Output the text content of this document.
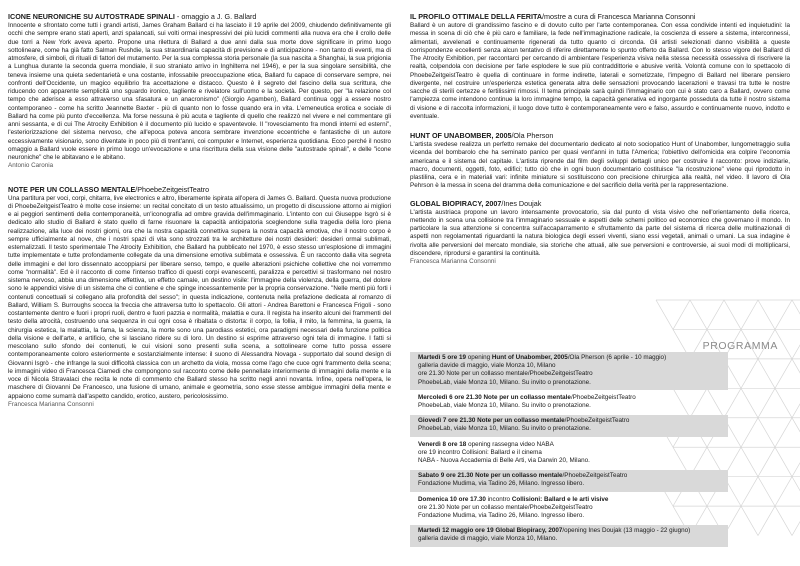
ICONE NEURONICHE SU AUTOSTRADE SPINALI - omaggio a J. G. Ballard

Innocente e sfrontato come tutti i grandi artisti, James Graham Ballard ci ha lasciato il 19 aprile del 2009, chiudendo definitivamente gli occhi che sempre erano stati aperti, anzi spalancati, sui volti ormai inespressivi dei più lucidi commenti alla nuova era che il crollo delle due torri a New York aveva aperto. Propone una rilettura di Ballard a due anni dalla sua morte dove significare in primo luogo sottolineare, come ha già fatto Salman Rushdie, la sua straordinaria capacità di previsione e di anticipazione - non tanto di eventi, ma di atmosfere, di simboli, di rituali di fattori del mutamento. Per la sua complessa storia personale (la sua nascita a Shanghai, la sua prigionia a Lunghua durante la seconda guerra mondiale, il suo straniato arrivo in Inghilterra nel 1946), e per la sua singolare sensibilità, che teneva insieme una quieta sedentarietà e una costante, infossabile preoccupazione etica, Ballard fu capace di conservare sempre, nei confronti dell'Occidente, un magico equilibrio fra accettazione e distacco. Questo è il segreto del fascino della sua scrittura, che riducendo con apparente semplicità uno sguardo ironico, tagliente e rivelatore sull'uomo e la società. Per questo, per "la relazione col tempo che aderisce a esso attraverso una sfasatura e un anacronismo" (Giorgio Agamben), Ballard continua oggi a essere nostro contemporaneo - come ha scritto Jeannette Baxter - più di quanto non lo fosse quando era in vita. L'emeneutica erotica e sociale di Ballard ha come più punto d'eccellenza. Ma forse nessuna è più acuta e tagliente di quello che realizzò nel vivere e nel commentare gli anni sessanta, e di cui The Atrocity Exhibition è il documento più lucido e spaventevole. Il "rovesciamento fra mondi interni ed esterni", l'esteriorizzazione del sistema nervoso, che all'epoca poteva ancora sembrare invenzione eccentriche e fantastiche di un autore eccessivamente visionario, sono diventate in poco più di trent'anni, coi computer e Internet, esperienza quotidiana. Ecco perché il nostro omaggio a Ballard vuole essere in primo luogo un'evocazione e una riscrittura della sua visione delle "autostrade spinali", e delle "icone neuroniche" che le abitavano e le abitano.

Antonio Caronia

NOTE PER UN COLLASSO MENTALE/PhoebeZeitgeistTeatro

Una partitura per voci, corpi, chitarra, live electronics e altro, liberamente ispirata all'opera di James G. Ballard. Questa nuova produzione di PhoebeZeitgeistTeatro è molte cose insieme: un recital concitato di un testo attualissimo, un progetto di discussione attorno ai migliori e ai peggiori sentimenti della contemporaneità, un'iconografia ad ombre gravida dell'immaginario. L'intento con cui Giuseppe Isgrò si è dedicato allo studio di Ballard è stato quello di farne risuonare la capacità anticipatoria sceglendone sulla tragedia della loro piena realizzazione, alla luce dei nostri giorni, ora che la nostra capacità connettiva supera la nostra capacità emotiva, che il nostro corpo è sempre ufficialmente al nove, che i nostri spazi di vita sono strozzati tra le architetture dei nostri desideri: desideri ormai sublimati, esternalizzati. Il testo sperimentale The Atrocity Exhibition, che Ballard ha pubblicato nel 1970, è esso stesso un'esplosione di immagini tutte implementate e tutte profondamente collegate da una dimensione emotiva sublimata e ossessiva. È un racconto dalla vita segreta delle immagini e del loro dissennato accoppiarsi per liberare senso, tempo, e quelle alterazioni psichiche collettive che noi vorremmo come "normalità". Ed è il racconto di come l'intenso traffico di questi corpi evanescenti, paralizza e percettivi si trasformano nel nostro sistema nervoso, abbia una dimensione effettiva, un effetto carnale, un destino visile: l'immagine della violenza, della guerra, del dolore sono le appendici visive di un sistema che ci contiene e che spinge incessantemente per la propria conservazione. "Nelle menti più forti i contenuti concettuali si collegano alla profondità del sesso"; in questa indicazione, contenuta nella prefazione dedicata al romanzo di Ballard, William S. Burroughs scocca la freccia che attraversa tutto lo spettacolo. Gli attori - Andrea Barettoni e Francesca Frigoli - sono costantemente dentro e fuori i propri ruoli, dentro e fuori pazzia e normalità, malattia e cura. Il regista ha inserito alcuni dei frammenti del testo della atrocità, costruendo una sequenza in cui ogni cosa è ribaltata o distorta: il corpo, la follia, il mito, la femmina, la guerra, la chirurgia estetica, la malattia, la fama, la scienza, la morte sono una parodiass estetici, ora paradigmi necessari della funzione politica della visione e dell'arte, e artificio, che si lasciano ridere su di loro. Un destino si esprime attraverso ogni tela di immagine. I fatti si mescolano sullo sfondo dei contenuti, le cui visioni sono presenti sulla scena, a sottolineare come tutto possa essere contemporaneamente coloro esteriormente e sostanzialmente intense: il suono di Alessandra Novaga - supportato dal sound design di Giovanni Isgrò - che infrange la suoi difficoltà classica con un archetto da viola, mossa come l'ago che cuce ogni frammento della scena; le immagini video di Francesca Ciamedi che compongono sul racconto come delle pennellate interiormente di immagini della mente e la voce di Nicola Stravalaci che recita le note di commento che Ballard stesso ha scritto negli anni novanta. Infine, opera nell'opera, le maschere di Giovanni De Francesco, una fusione di umano, animale e geometria, sono esse stesse ambigue immagini della mente e appaiono come sumarrà dall'aspetto candido, erotico, austero, pericolosissimo.

Francesca Marianna Consonni

IL PROFILO OTTIMALE DELLA FERITA/mostre a cura di Francesca Marianna Consonni

Ballard è un autore di grandissimo fascino e di dovuto culto per l'arte contemporanea. Con essa condivide intenti ed inquietudini: la messa in scena di ciò che è più caro e familiare, la fede nell'immaginazione radicale, la coscienza di essere a sistema, interconnessi, alimentati, avvelenati e continuamente rigenerati da tutto quanto ci circonda. Gli artisti selezionati danno visibilità a queste corrispondenze eccellenti senza alcun tentativo di riferire direttamente lo spunto offerto da Ballard. Con lo stesso vigore del Ballard di The Atrocity Exhibition, per raccontarci per cercando di ambientare l'esperienza visiva nella stessa necessità ossessiva di riscrivere la realtà, colpendola con decisione per farle esplodere le sue più contraddittorie e abusive verità. Volontà comune con lo spettacolo di PhoebeZeitgeistTeatro è quella di continuare in forme indirette, laterali e sornetizzate, l'impegno di Ballard nel liberare pensiero divergente, nel costruire un'esperienza estetica generata altra delle sensazioni provocando lacerazioni e travasi tra tutte le nostre sacche di sterili certezze e fertilissimi rimossi. Il tema principale sarà quindi l'immaginario con cui è stato caro a Ballard, ovvero come l'ampiezza come intendono continue la loro immagine tempo, la capacità generativa ed ingorgante posseduta da tutte il nostro sistema di visione e di raccolta informazioni, il luogo dove tutto è contemporaneamente vero e falso, assurdo e continuamente nuovo, indotto e eventuale.

HUNT OF UNABOMBER, 2005/Ola Pherson

L'artista svedese realizza un perfetto remake del documentario dedicato al noto sociopatico Hunt of Unabomber, lungometraggio sulla vicenda del bombarolo che ha seminato panico per quasi vent'anni in tutta l'America; l'obiettivo dell'omicida era colpire l'economia americana e il sistema del capitale. L'artista riprende dal film degli sviluppi dettagli unico per costruire il racconto: prove indiziarie, macro, documenti, oggetti, foto, edifici; tutto ciò che in ogni buon documentario costituisce "la ricostruzione" viene qui riprodotto in plastilina, cera e in materiali vari: infinite miniature si sostituiscono con precisione chirurgica alla realtà, nel video. Il lavoro di Ola Pehrson è la messa in scena del dramma della comunicazione e del sacrificio della verità per la rappresentazione.

GLOBAL BIOPIRACY, 2007/Ines Doujak

L'artista austriaca propone un lavoro intensamente provocatorio, sia dal punto di vista visivo che nell'orientamento della ricerca, mettendo in scena una collisione tra l'immaginario sessuale e aspetti delle schemi politico ed economico che governano il mondo. In particolare la sua attenzione si concentra sull'accaparramento e sfruttamento da parte del sistema di ricerca delle multinazionali di aspetti non regolamentati riguardanti la natura biologica degli esseri viventi, siano essi vegetali, animali o umani. La sua indagine è rivolta alle perversioni del mercato mondiale, sia storiche che attuali, alle sue perversioni e controversie, ai suoi modi di moltiplicarsi, discendere, riprodursi e garantirsi la continuità.

Francesca Marianna Consonni

PROGRAMMA
Martedì 5 ore 19 opening Hunt of Unabomber, 2005/Ola Pherson (6 aprile - 10 maggio)
galleria davide di maggio, viale Monza 10, Milano
ore 21.30 Note per un collasso mentale/PhoebeZeitgeistTeatro
PhoebeLab, viale Monza 10, Milano. Su invito o prenotazione.
Mercoledì 6 ore 21.30 Note per un collasso mentale/PhoebeZeitgeistTeatro
PhoebeLab, viale Monza 10, Milano. Su invito o prenotazione.
Giovedì 7 ore 21.30 Note per un collasso mentale/PhoebeZeitgeistTeatro
PhoebeLab, viale Monza 10, Milano. Su invito o prenotazione.
Venerdì 8 ore 18 opening rassegna video NABA
ore 19 incontro Collisioni: Ballard e il cinema
NABA - Nuova Accademia di Belle Arti, via Darwin 20, Milano.
Sabato 9 ore 21.30 Note per un collasso mentale/PhoebeZeitgeistTeatro
Fondazione Mudima, via Tadino 26, Milano. Ingresso libero.
Domenica 10 ore 17.30 incontro Collisioni: Ballard e le arti visive
ore 21.30 Note per un collasso mentale/PhoebeZeitgeistTeatro
Fondazione Mudima, via Tadino 26, Milano. Ingresso libero.
Martedì 12 maggio ore 19 Global Biopiracy, 2007/opening Ines Doujak (13 maggio - 22 giugno)
galleria davide di maggio, viale Monza 10, Milano.
